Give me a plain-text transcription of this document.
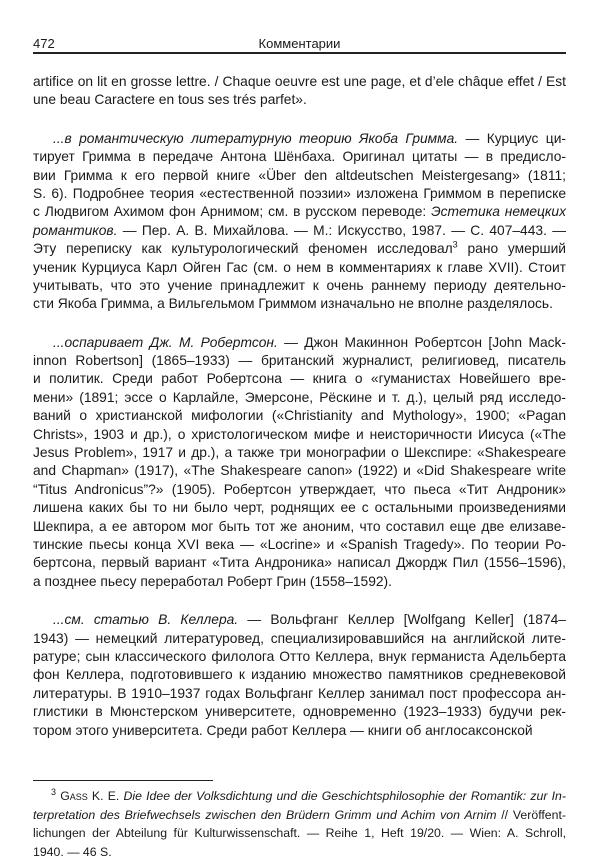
472	Комментарии
artifice on lit en grosse lettre. / Chaque oeuvre est une page, et d’ele châque effet / Est
une beau Caractere en tous ses trés parfet».
...в романтическую литературную теорию Якоба Гримма. — Курциус ци-
тирует Гримма в передаче Антона Шёнбаха. Оригинал цитаты — в предисло-
вии Гримма к его первой книге «Über den altdeutschen Meistergesang» (1811;
S. 6). Подробнее теория «естественной поэзии» изложена Гриммом в переписке
с Людвигом Ахимом фон Арнимом; см. в русском переводе: Эстетика немецких
романтиков. — Пер. А. В. Михайлова. — М.: Искусство, 1987. — С. 407–443. —
Эту переписку как культурологический феномен исследовал$^3$ рано умерший
ученик Курциуса Карл Ойген Гас (см. о нем в комментариях к главе XVII). Стоит
учитывать, что это учение принадлежит к очень раннему периоду деятельно-
сти Якоба Гримма, а Вильгельмом Гриммом изначально не вполне разделялось.
...оспаривает Дж. М. Робертсон. — Джон Макиннон Робертсон [John Mack-
innon Robertson] (1865–1933) — британский журналист, религиовед, писатель
и политик. Среди работ Робертсона — книга о «гуманистах Новейшего вре-
мени» (1891; эссе о Карлайле, Эмерсоне, Рёскине и т. д.), целый ряд исследо-
ваний о христианской мифологии («Christianity and Mythology», 1900; «Pagan
Christs», 1903 и др.), о христологическом мифе и неисторичности Иисуса («The
Jesus Problem», 1917 и др.), а также три монографии о Шекспире: «Shakespeare
and Chapman» (1917), «The Shakespeare canon» (1922) и «Did Shakespeare write
“Titus Andronicus”?» (1905). Робертсон утверждает, что пьеса «Тит Андроник»
лишена каких бы то ни было черт, роднящих ее с остальными произведениями
Шекпира, а ее автором мог быть тот же аноним, что составил еще две елизаве-
тинские пьесы конца XVI века — «Locrine» и «Spanish Tragedy». По теории Ро-
бертсона, первый вариант «Тита Андроника» написал Джордж Пил (1556–1596),
а позднее пьесу переработал Роберт Грин (1558–1592).
...см. статью В. Келлера. — Вольфганг Келлер [Wolfgang Keller] (1874–
1943) — немецкий литературовед, специализировавшийся на английской лите-
ратуре; сын классического филолога Отто Келлера, внук германиста Адельберта
фон Келлера, подготовившего к изданию множество памятников средневековой
литературы. В 1910–1937 годах Вольфганг Келлер занимал пост профессора ан-
глистики в Мюнстерском университете, одновременно (1923–1933) будучи рек-
тором этого университета. Среди работ Келлера — книги об англосаксонской
$^3$ Gass K. E. Die Idee der Volksdichtung und die Geschichtsphilosophie der Romantik: zur In-
terpretation des Briefwechsels zwischen den Brüdern Grimm und Achim von Arnim // Veröffent-
lichungen der Abteilung für Kulturwissenschaft. — Reihe 1, Heft 19/20. — Wien: A. Schroll,
1940. — 46 S.
